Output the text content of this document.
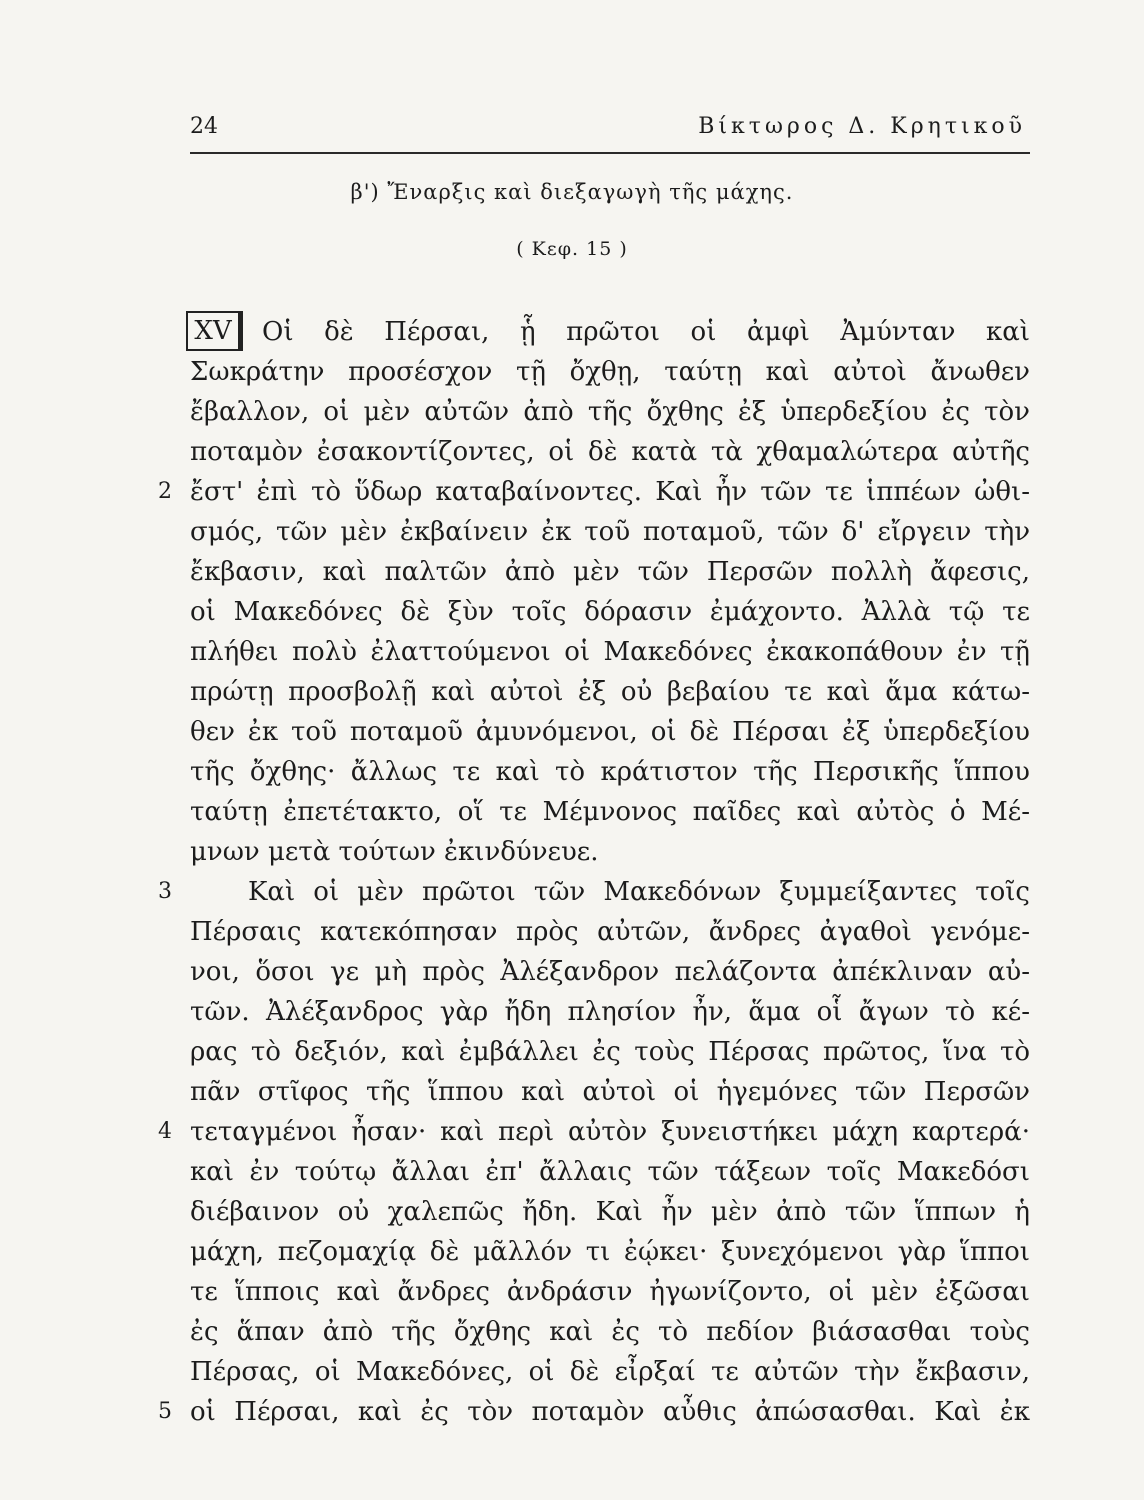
24	Βίκτωρος Δ. Κρητικοῦ
β') Ἔναρξις καὶ διεξαγωγὴ τῆς μάχης.
( Κεφ. 15 )
XV	Οἱ δὲ Πέρσαι, ᾗ πρῶτοι οἱ ἀμφὶ Ἀμύνταν καὶ
Σωκράτην προσέσχον τῇ ὄχθῃ, ταύτῃ καὶ αὐτοὶ ἄνωθεν
ἔβαλλον, οἱ μὲν αὐτῶν ἀπὸ τῆς ὄχθης ἐξ ὑπερδεξίου ἐς τὸν
ποταμὸν ἐσακοντίζοντες, οἱ δὲ κατὰ τὰ χθαμαλώτερα αὐτῆς
ἔστ' ἐπὶ τὸ ὕδωρ καταβαίνοντες. Καὶ ἦν τῶν τε ἱππέων ὠθι-
σμός, τῶν μὲν ἐκβαίνειν ἐκ τοῦ ποταμοῦ, τῶν δ' εἴργειν τὴν
ἔκβασιν, καὶ παλτῶν ἀπὸ μὲν τῶν Περσῶν πολλὴ ἄφεσις,
οἱ Μακεδόνες δὲ ξὺν τοῖς δόρασιν ἐμάχοντο. Ἀλλὰ τῷ τε
πλήθει πολὺ ἐλαττούμενοι οἱ Μακεδόνες ἐκακοπάθουν ἐν τῇ
πρώτῃ προσβολῇ καὶ αὐτοὶ ἐξ οὐ βεβαίου τε καὶ ἅμα κάτω-
θεν ἐκ τοῦ ποταμοῦ ἀμυνόμενοι, οἱ δὲ Πέρσαι ἐξ ὑπερδεξίου
τῆς ὄχθης· ἄλλως τε καὶ τὸ κράτιστον τῆς Περσικῆς ἵππου
ταύτῃ ἐπετέτακτο, οἵ τε Μέμνονος παῖδες καὶ αὐτὸς ὁ Μέ-
μνων μετὰ τούτων ἐκινδύνευε.
Καὶ οἱ μὲν πρῶτοι τῶν Μακεδόνων ξυμμείξαντες τοῖς
Πέρσαις κατεκόπησαν πρὸς αὐτῶν, ἄνδρες ἀγαθοὶ γενόμε-
νοι, ὅσοι γε μὴ πρὸς Ἀλέξανδρον πελάζοντα ἀπέκλιναν αὐ-
τῶν. Ἀλέξανδρος γὰρ ἤδη πλησίον ἦν, ἅμα οἷ ἄγων τὸ κέ-
ρας τὸ δεξιόν, καὶ ἐμβάλλει ἐς τοὺς Πέρσας πρῶτος, ἵνα τὸ
πᾶν στῖφος τῆς ἵππου καὶ αὐτοὶ οἱ ἡγεμόνες τῶν Περσῶν
τεταγμένοι ἦσαν· καὶ περὶ αὐτὸν ξυνειστήκει μάχη καρτερά·
καὶ ἐν τούτῳ ἄλλαι ἐπ' ἄλλαις τῶν τάξεων τοῖς Μακεδόσι
διέβαινον οὐ χαλεπῶς ἤδη. Καὶ ἦν μὲν ἀπὸ τῶν ἵππων ἡ
μάχη, πεζομαχίᾳ δὲ μᾶλλόν τι ἐῴκει· ξυνεχόμενοι γὰρ ἵπποι
τε ἵπποις καὶ ἄνδρες ἀνδράσιν ἠγωνίζοντο, οἱ μὲν ἐξῶσαι
ἐς ἅπαν ἀπὸ τῆς ὄχθης καὶ ἐς τὸ πεδίον βιάσασθαι τοὺς
Πέρσας, οἱ Μακεδόνες, οἱ δὲ εἶρξαί τε αὐτῶν τὴν ἔκβασιν,
οἱ Πέρσαι, καὶ ἐς τὸν ποταμὸν αὖθις ἀπώσασθαι. Καὶ ἐκ
2
3
4
5
